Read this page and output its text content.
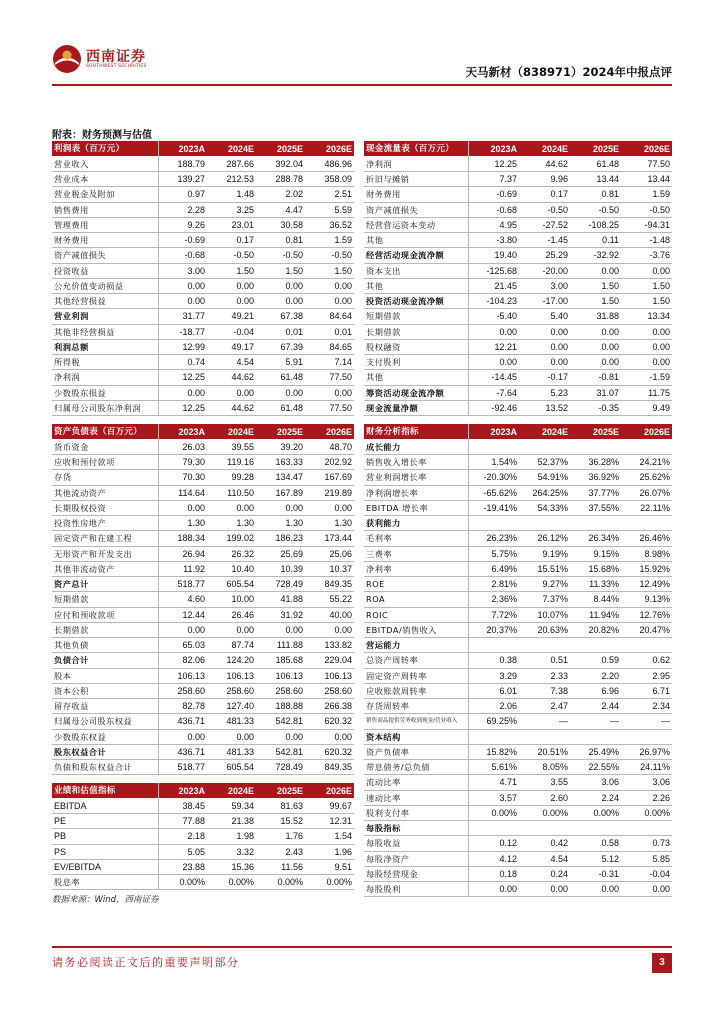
西南证券
SOUTHWEST SECURITIES	天马新材（838971）2024年中报点评
附表：财务预测与估值
利润表（百万元）	2023A	2024E	2025E	2026E
营业收入	188.79	287.66	392.04	486.96
营业成本	139.27	212.53	288.78	358.09
营业税金及附加	0.97	1.48	2.02	2.51
销售费用	2.28	3.25	4.47	5.59
管理费用	9.26	23.01	30.58	36.52
财务费用	-0.69	0.17	0.81	1.59
资产减值损失	-0.68	-0.50	-0.50	-0.50
投资收益	3.00	1.50	1.50	1.50
公允价值变动损益	0.00	0.00	0.00	0.00
其他经营损益	0.00	0.00	0.00	0.00
营业利润	31.77	49.21	67.38	84.64
其他非经营损益	-18.77	-0.04	0.01	0.01
利润总额	12.99	49.17	67.39	84.65
所得税	0.74	4.54	5.91	7.14
净利润	12.25	44.62	61.48	77.50
少数股东损益	0.00	0.00	0.00	0.00
归属母公司股东净利润	12.25	44.62	61.48	77.50
现金流量表（百万元）	2023A	2024E	2025E	2026E
净利润	12.25	44.62	61.48	77.50
折旧与摊销	7.37	9.96	13.44	13.44
财务费用	-0.69	0.17	0.81	1.59
资产减值损失	-0.68	-0.50	-0.50	-0.50
经营营运资本变动	4.95	-27.52	-108.25	-94.31
其他	-3.80	-1.45	0.11	-1.48
经营活动现金流净额	19.40	25.29	-32.92	-3.76
资本支出	-125.68	-20.00	0.00	0.00
其他	21.45	3.00	1.50	1.50
投资活动现金流净额	-104.23	-17.00	1.50	1.50
短期借款	-5.40	5.40	31.88	13.34
长期借款	0.00	0.00	0.00	0.00
股权融资	12.21	0.00	0.00	0.00
支付股利	0.00	0.00	0.00	0.00
其他	-14.45	-0.17	-0.81	-1.59
筹资活动现金流净额	-7.64	5.23	31.07	11.75
现金流量净额	-92.46	13.52	-0.35	9.49
资产负债表（百万元）	2023A	2024E	2025E	2026E
货币资金	26.03	39.55	39.20	48.70
应收和预付款项	79.30	119.16	163.33	202.92
存货	70.30	99.28	134.47	167.69
其他流动资产	114.64	110.50	167.89	219.89
长期股权投资	0.00	0.00	0.00	0.00
投资性房地产	1.30	1.30	1.30	1.30
固定资产和在建工程	188.34	199.02	186.23	173.44
无形资产和开发支出	26.94	26.32	25.69	25.06
其他非流动资产	11.92	10.40	10.39	10.37
资产总计	518.77	605.54	728.49	849.35
短期借款	4.60	10.00	41.88	55.22
应付和预收款项	12.44	26.46	31.92	40.00
长期借款	0.00	0.00	0.00	0.00
其他负债	65.03	87.74	111.88	133.82
负债合计	82.06	124.20	185.68	229.04
股本	106.13	106.13	106.13	106.13
资本公积	258.60	258.60	258.60	258.60
留存收益	82.78	127.40	188.88	266.38
归属母公司股东权益	436.71	481.33	542.81	620.32
少数股东权益	0.00	0.00	0.00	0.00
股东权益合计	436.71	481.33	542.81	620.32
负债和股东权益合计	518.77	605.54	728.49	849.35
财务分析指标	2023A	2024E	2025E	2026E
成长能力				
销售收入增长率	1.54%	52.37%	36.28%	24.21%
营业利润增长率	-20.30%	54.91%	36.92%	25.62%
净利润增长率	-65.62%	264.25%	37.77%	26.07%
EBITDA 增长率	-19.41%	54.33%	37.55%	22.11%
获利能力				
毛利率	26.23%	26.12%	26.34%	26.46%
三费率	5.75%	9.19%	9.15%	8.98%
净利率	6.49%	15.51%	15.68%	15.92%
ROE	2.81%	9.27%	11.33%	12.49%
ROA	2.36%	7.37%	8.44%	9.13%
ROIC	7.72%	10.07%	11.94%	12.76%
EBITDA/销售收入	20.37%	20.63%	20.82%	20.47%
营运能力				
总资产周转率	0.38	0.51	0.59	0.62
固定资产周转率	3.29	2.33	2.20	2.95
应收账款周转率	6.01	7.38	6.96	6.71
存货周转率	2.06	2.47	2.44	2.34
销售商品提供劳务收到现金/营业收入	69.25%	—	—	—
资本结构				
资产负债率	15.82%	20.51%	25.49%	26.97%
带息债务/总负债	5.61%	8.05%	22.55%	24.11%
流动比率	4.71	3.55	3.06	3.06
速动比率	3.57	2.60	2.24	2.26
股利支付率	0.00%	0.00%	0.00%	0.00%
每股指标				
每股收益	0.12	0.42	0.58	0.73
每股净资产	4.12	4.54	5.12	5.85
每股经营现金	0.18	0.24	-0.31	-0.04
每股股利	0.00	0.00	0.00	0.00
业绩和估值指标	2023A	2024E	2025E	2026E
EBITDA	38.45	59.34	81.63	99.67
PE	77.88	21.38	15.52	12.31
PB	2.18	1.98	1.76	1.54
PS	5.05	3.32	2.43	1.96
EV/EBITDA	23.88	15.36	11.56	9.51
股息率	0.00%	0.00%	0.00%	0.00%
数据来源：Wind，西南证券
请务必阅读正文后的重要声明部分	3
